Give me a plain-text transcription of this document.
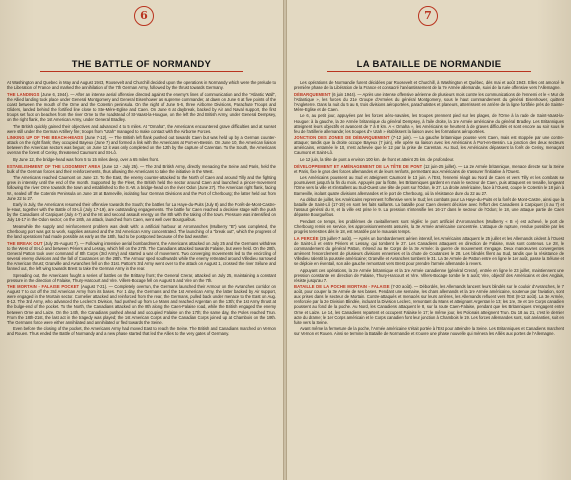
6
THE BATTLE OF NORMANDY

At Washington and Quebec in May and August 1943, Roosevelt and Churchill decided upon the operations in Normandy which were the prelude to the Liberation of France and marked the annihilation of the 7th German Army, followed by the thrust towards Germany.

THE LANDINGS (June 6, 1944). — After an intense aerial offensive directed against the enemy's lines of communication and the "Atlantic Wall", the Allied landing took place under General Montgomery and General Eisenhower as supreme commander, at dawn on June 6 at five points of the coast between the mouth of the Orne and the Cotentin peninsula. On the night of June 5-6, three Airborne Divisions, Parachute Troops and Gliders, landed behind the fortified line close to Ste-Mère-Eglise and Caen. On June 6 at daybreak, backed by Air and Naval support, the first troops set foot on beaches from the river Orne to the roadstead of St-Vaast-la-Hougue, on the left the 2nd British Army, under General Dempsey, on the right flank, the 1st American Army, under General Bradley.

The British quickly gained their objectives and advanced 4 to 5 miles. At "Omaha", the Americans encountered grave difficulties and at sunset were still under the German Artillery fire; troops from "Utah" managed to make contact with the Airborne Forces.

LINKING UP OF THE BEACH-HEADS (June 7-12). — The British left flank pushed out towards Caen but was held up by a German counter-attack on the right flank; they occupied Bayeux (June 7) and formed a link with the Americans at Port-en-Bessin. On June 10, the American liaison between the American sectors was begun; on June 12 it was only completed on the 12th by the capture of Carentan. To the South, the Americans overran the forest of Cerisy, threatened Caumont and St-Lô.

By June 12, the bridge-head was from 5 to 15 miles deep, over a 65 miles front.

ESTABLISHMENT OF THE LODGMENT AREA (June 12 - July 25). — The 2nd British Army, directly menacing the Seine and Paris, held the bulk of the German forces and their reinforcements, thus allowing the Americans to take the initiative in the West.

The Americans reached Caumont on June 13. To the East, the enemy counter-attacked to the North of Caen and around Tilly and the fighting grew in intensity until the end of the month. Supported by the Fleet, the British held the sector around Caen and launched a pincer-movement following the river Orne towards the town and established to the S.-W. a bridge-head on the river Odon (June 27). The American right flank, facing W., sealed off the Cotentin Peninsula on June 18 at Barneville, isolating four German Divisions and the Port of Cherbourg; the latter held out from June 22 to 27.

Early in July, the Americans resumed their offensive towards the South; the battles for La Haye-du-Puits (July 8) and the Forêt-de-Mont-Castre-le-Haut, together with the Battle of St-Lô (July 17-19), are outstanding engagements. The battle for Caen reached a decisive stage with the push by the Canadians of Carpiquet (July 4-7) and the Ist and second assault energy on the 8th with the taking of the town. Pressure was intensified on July 16-17 in the Odon sector; on the 18th, an attack, launched from Caen, went well over Bourguébus.

Meanwhile the supply and reinforcement problem was dealt with: a artificial harbour at Arromanches (Mulberry "B") was completed, the Cherbourg port was got to work, supplies assured and the 3rd American Army concentrated. The launching of a "break out", which the progress of the land operations had made possible as early as the 18th, had to be postponed because of the bad weather.

THE BREAK OUT (July 25-August 7). — Following intensive aerial bombardment, the Americans attacked on July 25 and the Germans withdrew to the West of St-Lô and between Périers and Lessay, which fell on the 27th. The Canadians attacked towards Falaise, but were held. On the 28th, General Patton took over command of 8th Corps (3rd Army) and started a war of movement. Two converging movements led to the encircling of several enemy divisions and the fall of Coutances on the 28th. The Armour sped southwards while the enemy retreated around Villedieu narrowed the American thrust; Granville and Avranches fell on the 31st. Patton's 3rd Army went over to the attack on August 1, crossed the river Sélune and fanned out, the left wing towards Brest to take the German Army in the rear.

Spreading out, the Americans fought a series of battles on the Brittany front; the General Crerar, attacked on July 25, maintaining a constant pressure in the direction of Falaise, Thury-Harcourt and Vire. Villers-Bocage fell on August 5 and Vire on the 7th.

THE MORTAIN - FALAISE POCKET (August 7-21). — Completely overrun, the Germans launched their Armour on the Avranches corridor on August 7 to cut off the 3rd American Army from its bases. For 1 day, the Germans and the 1st American Army, the latter backed by Air support, were engaged in the Mortain sector. Cornelier attacked and reinforced from the rear, the Germans, pulled back under menace to the East on Aug. 8-12. The 3rd Army, who advanced the Leclerc's Division, had pushed up from Le Mans and reached Argentan on the 13th; the 1st Army thrust at the bulge-end of the pocket. To the North, the Canadians attacked on the 8th along the Caen-Falaise road, while the British engaged the enemy between Orne and Laize. On the 14th, the Canadians pushed ahead and occupied Falaise on the 17th; the same day, the Poles reached Trun. From the 18th-21st, the last act in the tragedy was played; the 1st American Corps and the Canadian Corps joined up at Chambois on the 19th. The Germans force were either annihilated and annihilated or fled towards the Seine.

Even before the closing of the pocket, the Americans Army had moved East to reach the Seine. The British and Canadians marched on Vernon and Rouen. Thus ended the Battle of Normandy and a new phase started that led the Allies to the very gates of Germany.

7
LA BATAILLE DE NORMANDIE

Les opérations de Normandie furent décidées par Roosevelt et Churchill, à Washington et Québec, dès mai et août 1943. Elles ont amorcé le première phase de la Libération de la France et consacré l'anéantissement de la 7e Armée allemande, suivi de la ruée offensive vers l'Allemagne.

DÉBARQUEMENT (6 juin 1944). — Après une intense offensive aérienne de plusieurs mois contre les communications de l'ennemi et le « Mur de l'Atlantique », les forces du 21e Groupe d'Armées du général Montgomery, sous le haut commandement du général Eisenhower, quittent l'Angleterre. Dans la nuit du 5 au 6, trois divisions aéroportées, parachutistes et planeurs, atterrissent en arrière de la ligne fortifiée près de Sainte-Mère-Eglise et de Caen.

Le 6, au petit jour, appuyées par les forces aéro-navales, les troupes prennent pied sur les plages, de l'Orne à la rade de Saint-Vaast-la-Hougue: à la gauche, la 2e Armée britannique du général Dempsey, à l'aile droite, la 1re Armée américaine du général Bradley. Les Britanniques atteignent leurs objectifs et avancent de 7 à 8 km. A « Omaha », les Américains se heurtent à de graves difficultés et sont encore au soir sous le feu de l'artillerie allemande; les troupes d'« Utah » établissent la liaison avec les formations aéroportées.

JONCTION DES ZONES DE DÉBARQUEMENT (7-12 juin). — La gauche britannique pousse vers Caen, mais est stoppée par une contre-attaque; tandis que la droite occupe Bayeux (7 juin), elle opère sa liaison avec les Américains à Port-en-Bessin. La jonction des deux secteurs américains, entamée le 10, n'est achevée que le 12 par la prise de Carentan. Au Sud, les Américains dépassent la forêt de Cerisy, menaçant Caumont et Saint-Lô.

Le 12 juin, la tête de pont a environ 100 km. de front et atteint 25 km. de profondeur.

DÉVELOPPEMENT ET AMÉNAGEMENT DE LA TÊTE DE PONT (12 juin-25 juillet). — La 2e Armée britannique, menace directe sur la Seine et Paris, fixe le gros des forces allemandes et de leurs renforts, permettant aux Américains de s'assurer l'initiative à l'Ouest.

Les Américains poussent au Sud et atteignent Caumont le 13 juin. A l'Est, l'ennemi réagit au Nord de Caen et vers Tilly et les combats se poursuivent jusqu'à la fin du mois. Appuyés par la flotte, les Britanniques gardent en main le secteur de Caen, puis attaquent en tenaille, longeant l'Orne vers la ville et s'installent au Sud-Ouest une tête de pont sur l'Odon, le 27. La droite américaine, face à l'Ouest, coupe le Cotentin le 18 juin à Barneville, isolant quatre divisions allemandes et le port de Cherbourg, où la résistance dure du 22 au 27.

Au début de juillet, les Américains reprennent l'offensive vers le Sud; les combats pour La Haye-du-Puits et la forêt de Mont-Castre, ainsi que la bataille de Saint-Lô (17-19) en sont les faits saillants. La bataille pour Caen devient décisive avec l'effort des Canadiens à Carpiquet (4 au 7) et l'assaut général du 8, et la ville est prise le 9. La pression s'intensifie les 16-17 dans le secteur de l'Odon; le 18, une attaque partie de Caen dépasse Bourguébus.

Pendant ce temps, les problèmes de ravitaillement sont réglés: le port artificiel d'Arromanches (Mulberry « B ») est achevé, le port de Cherbourg remis en service, les approvisionnements assurés, la 3e Armée américaine concentrée. L'attaque de rupture, rendue possible par les progrès terrestres dès le 18, est retardée par le mauvais temps.

LA PERCÉE (25 juillet-7 août). — Après un bombardement aérien intensif, les Américains attaquent le 25 juillet et les Allemands cèdent à l'Ouest de Saint-Lô et entre Périers et Lessay, qui tombent le 27. Les Canadiens attaquent en direction de Falaise, mais sont contenus. Le 28, le commandement du général Patton, s'étend au 8e Corps de la 3e Armée: la guerre de mouvement s'engage. Deux manœuvres convergentes amènent l'encerclement de plusieurs divisions ennemies et la chute de Coutances le 28. Les blindés filent au Sud, tandis que la résistance de Villedieu ralentit la poussée américaine; Granville et Avranches tombent le 31. La 3e Armée de Patton entre en ligne le 1er août, passe la Sélune et se déploie en éventail, son aile gauche remontant vers Brest pour prendre l'armée allemande à revers.

Appuyant ces opérations, la 2e Armée britannique et la 1re Armée canadienne (général Crerar), entrée en ligne le 23 juillet, maintiennent une pression constante en direction de Falaise, Thury-Harcourt et Vire. Villers-Bocage tombe le 5 août; Vire, objectif des Américains et des Anglais, résiste jusqu'au 7.

BATAILLE DE LA POCHE MORTAIN - FALAISE (7-20 août). — Débordés, les Allemands lancent leurs blindés sur le couloir d'Avranches, le 7 août, pour couper la 3e Armée de ses bases. Pendant une semaine, les chars allemands et la 1re Armée américaine, soutenue par l'aviation, sont aux prises dans le secteur de Mortain. Contre-attaqués et menacés sur leurs arrières, les Allemands refluent vers l'Est (8-12 août). La 3e Armée, renforcée par la 2e Division Blindée, incluant la Division Leclerc, remontant du Mans et atteignant Argentan le 13; les 1re, 3e et 1re Corps canadien poussent au fond de la poche. Au Nord, les Canadiens attaquent le 8, sur la route Caen-Falaise, pendant que les Britanniques s'engagent entre Orne et Laize. Le 14, les Canadiens repartent et occupent Falaise le 17; le même jour, les Polonais atteignent Trun. Du 18 au 21, c'est le dernier acte du drame; le 1er Corps américain et le Corps canadien font leur jonction à Chambois le 19. Les forces allemandes sont, soit anéanties, soit en fuite vers la Seine.

Avant même la fermeture de la poche, l'Armée américaine s'était portée à l'Est pour atteindre la Seine. Les Britanniques et Canadiens marchent sur Vernon et Rouen. Ainsi se termine la Bataille de Normandie et s'ouvre une phase nouvelle qui mènera les Alliés aux portes de l'Allemagne.
